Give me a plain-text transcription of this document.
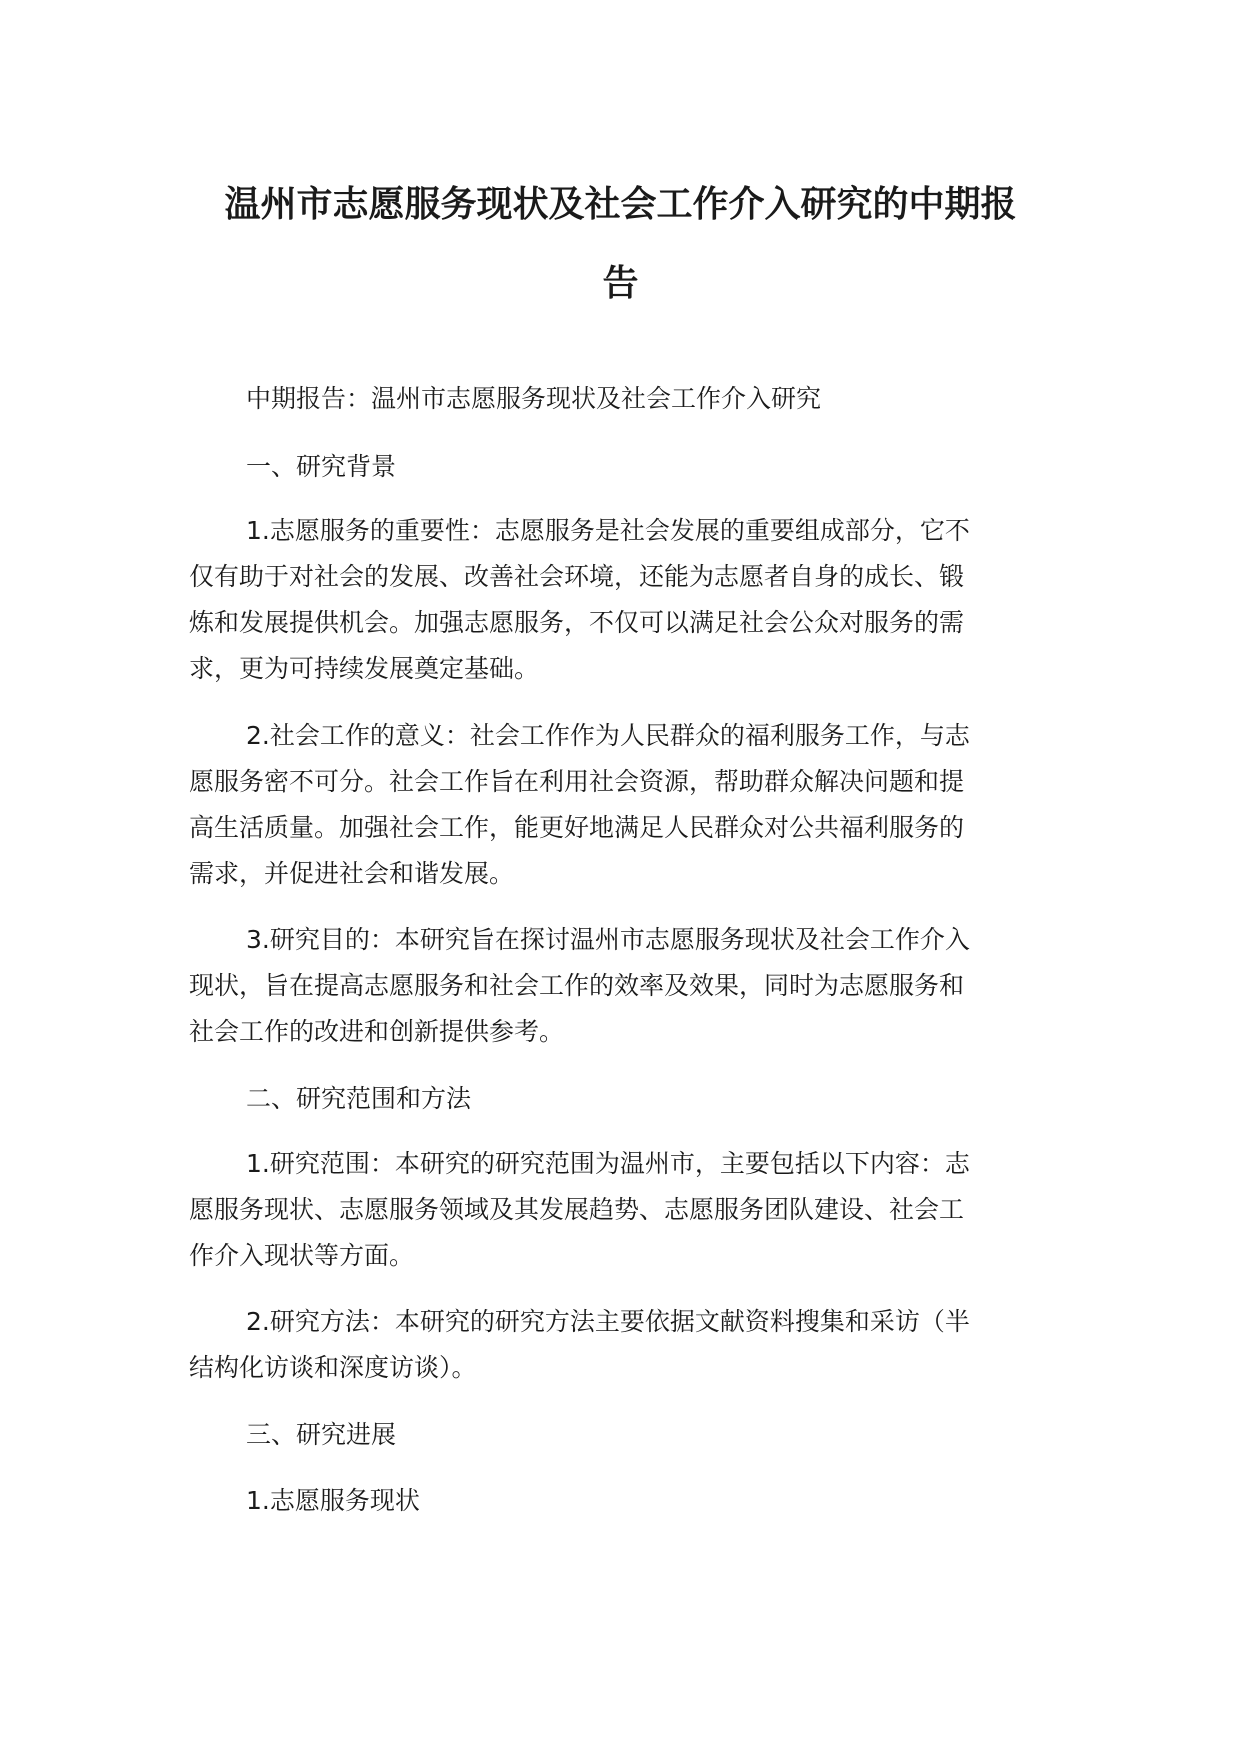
温州市志愿服务现状及社会工作介入研究的中期报
告

中期报告：温州市志愿服务现状及社会工作介入研究

一、研究背景

1.志愿服务的重要性：志愿服务是社会发展的重要组成部分，它不

仅有助于对社会的发展、改善社会环境，还能为志愿者自身的成长、锻

炼和发展提供机会。加强志愿服务，不仅可以满足社会公众对服务的需

求，更为可持续发展奠定基础。

2.社会工作的意义：社会工作作为人民群众的福利服务工作，与志

愿服务密不可分。社会工作旨在利用社会资源，帮助群众解决问题和提

高生活质量。加强社会工作，能更好地满足人民群众对公共福利服务的

需求，并促进社会和谐发展。

3.研究目的：本研究旨在探讨温州市志愿服务现状及社会工作介入

现状，旨在提高志愿服务和社会工作的效率及效果，同时为志愿服务和

社会工作的改进和创新提供参考。

二、研究范围和方法

1.研究范围：本研究的研究范围为温州市，主要包括以下内容：志

愿服务现状、志愿服务领域及其发展趋势、志愿服务团队建设、社会工

作介入现状等方面。

2.研究方法：本研究的研究方法主要依据文献资料搜集和采访（半

结构化访谈和深度访谈）。

三、研究进展

1.志愿服务现状
